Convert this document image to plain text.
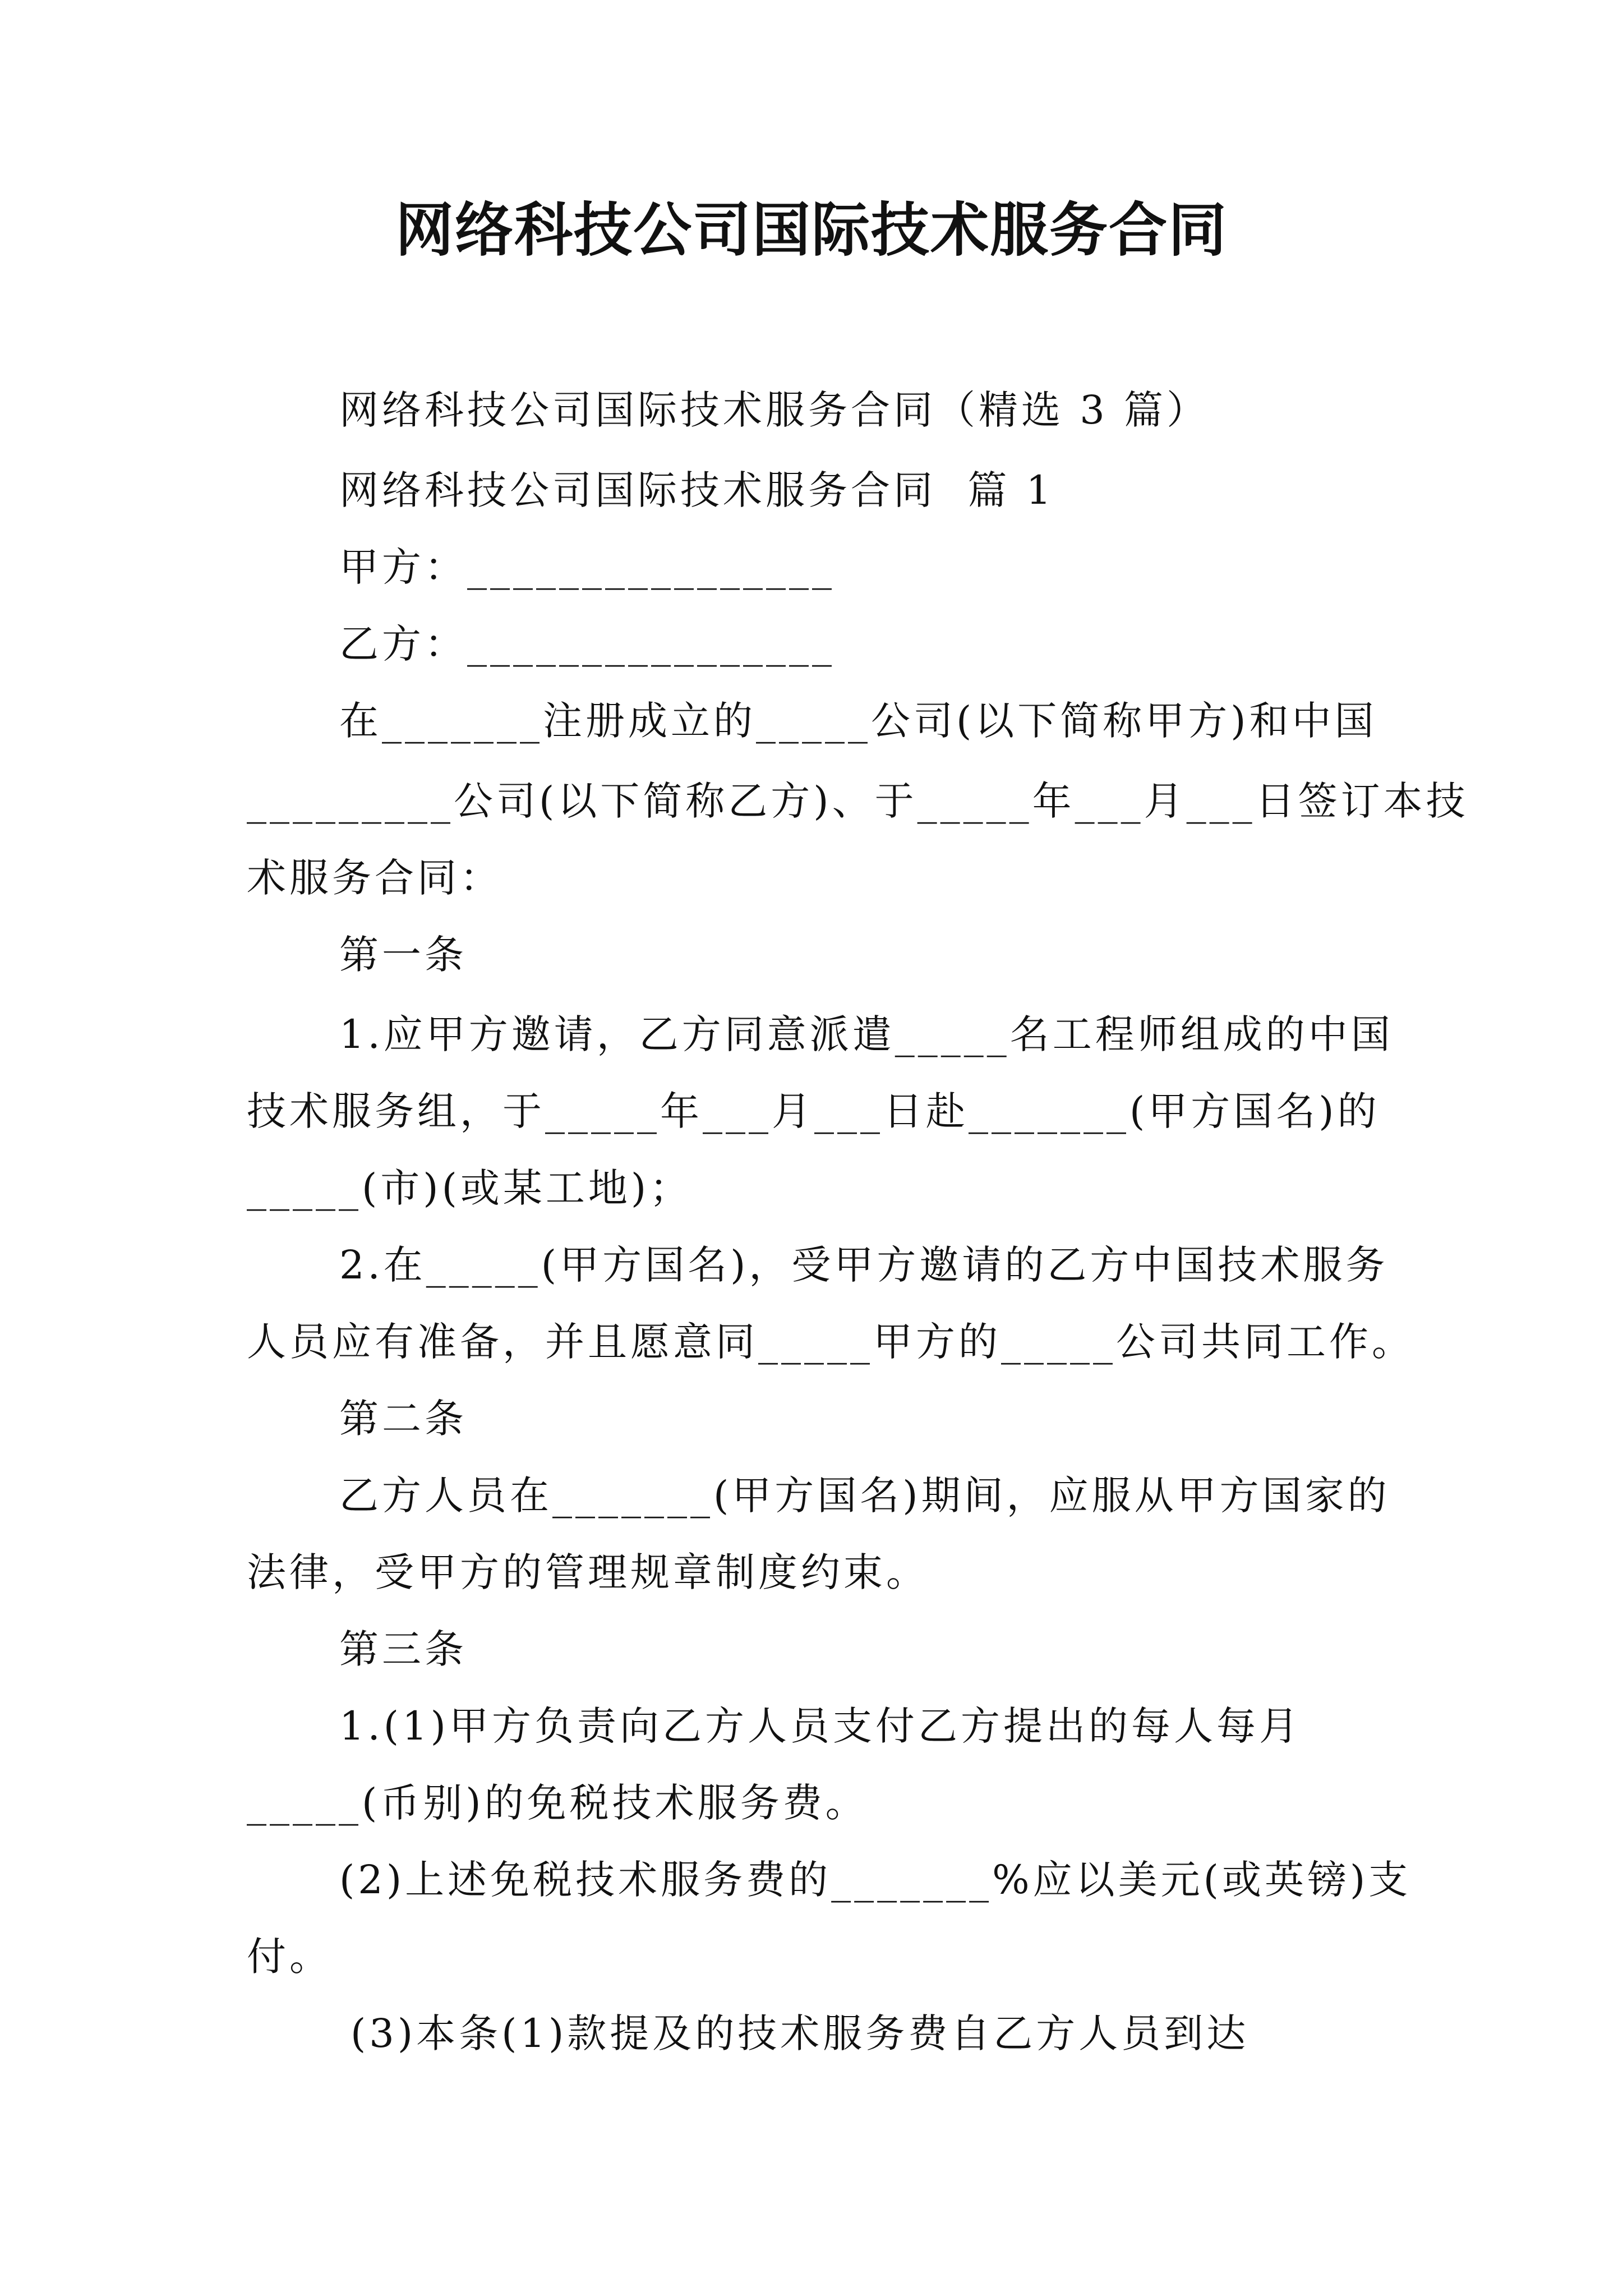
网络科技公司国际技术服务合同
网络科技公司国际技术服务合同（精选 3 篇）
网络科技公司国际技术服务合同  篇 1
甲方：________________
乙方：________________
在_______注册成立的_____公司(以下简称甲方)和中国
_________公司(以下简称乙方)、于_____年___月___日签订本技
术服务合同：
第一条
1.应甲方邀请，乙方同意派遣_____名工程师组成的中国
技术服务组，于_____年___月___日赴_______(甲方国名)的
_____(市)(或某工地)；
2.在_____(甲方国名)，受甲方邀请的乙方中国技术服务
人员应有准备，并且愿意同_____甲方的_____公司共同工作。
第二条
乙方人员在_______(甲方国名)期间，应服从甲方国家的
法律，受甲方的管理规章制度约束。
第三条
1.(1)甲方负责向乙方人员支付乙方提出的每人每月
_____(币别)的免税技术服务费。
(2)上述免税技术服务费的_______%应以美元(或英镑)支
付。
(3)本条(1)款提及的技术服务费自乙方人员到达
